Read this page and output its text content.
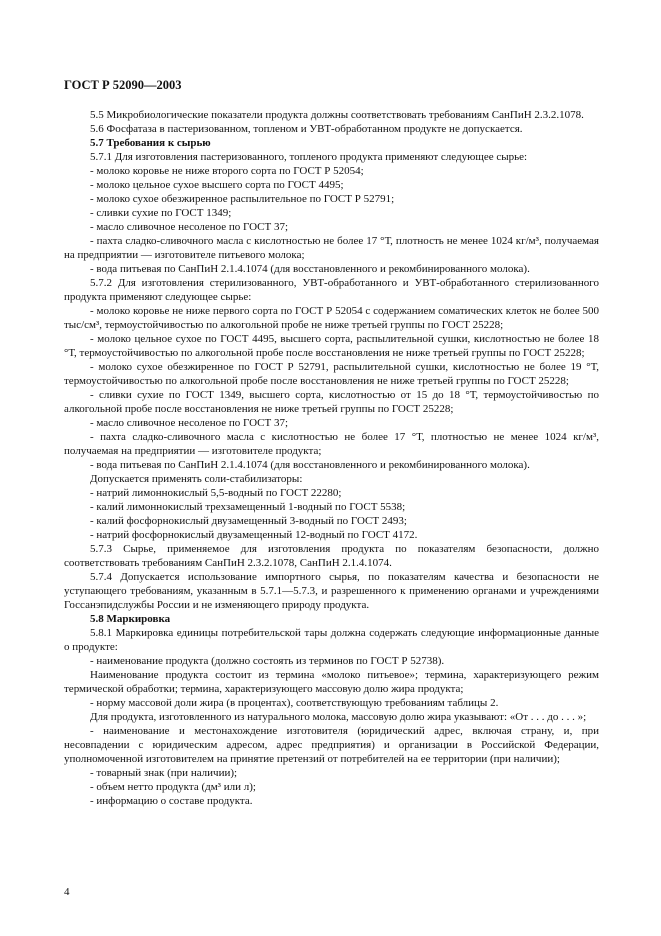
ГОСТ Р 52090—2003

5.5 Микробиологические показатели продукта должны соответствовать требованиям СанПиН 2.3.2.1078.

5.6 Фосфатаза в пастеризованном, топленом и УВТ-обработанном продукте не допускается.

5.7 Требования к сырью

5.7.1 Для изготовления пастеризованного, топленого продукта применяют следующее сырье:

- молоко коровье не ниже второго сорта по ГОСТ Р 52054;

- молоко цельное сухое высшего сорта по ГОСТ 4495;

- молоко сухое обезжиренное распылительное по ГОСТ Р 52791;

- сливки сухие по ГОСТ 1349;

- масло сливочное несоленое по ГОСТ 37;

- пахта сладко-сливочного масла с кислотностью не более 17 °Т, плотность не менее 1024 кг/м³, получаемая на предприятии — изготовителе питьевого молока;

- вода питьевая по СанПиН 2.1.4.1074 (для восстановленного и рекомбинированного молока).

5.7.2 Для изготовления стерилизованного, УВТ-обработанного и УВТ-обработанного стерилизованного продукта применяют следующее сырье:

- молоко коровье не ниже первого сорта по ГОСТ Р 52054 с содержанием соматических клеток не более 500 тыс/см³, термоустойчивостью по алкогольной пробе не ниже третьей группы по ГОСТ 25228;

- молоко цельное сухое по ГОСТ 4495, высшего сорта, распылительной сушки, кислотностью не более 18 °Т, термоустойчивостью по алкогольной пробе после восстановления не ниже третьей группы по ГОСТ 25228;

- молоко сухое обезжиренное по ГОСТ Р 52791, распылительной сушки, кислотностью не более 19 °Т, термоустойчивостью по алкогольной пробе после восстановления не ниже третьей группы по ГОСТ 25228;

- сливки сухие по ГОСТ 1349, высшего сорта, кислотностью от 15 до 18 °Т, термоустойчивостью по алкогольной пробе после восстановления не ниже третьей группы по ГОСТ 25228;

- масло сливочное несоленое по ГОСТ 37;

- пахта сладко-сливочного масла с кислотностью не более 17 °Т, плотностью не менее 1024 кг/м³, получаемая на предприятии — изготовителе продукта;

- вода питьевая по СанПиН 2.1.4.1074 (для восстановленного и рекомбинированного молока).

Допускается применять соли-стабилизаторы:

- натрий лимоннокислый 5,5-водный по ГОСТ 22280;

- калий лимоннокислый трехзамещенный 1-водный по ГОСТ 5538;

- калий фосфорнокислый двузамещенный 3-водный по ГОСТ 2493;

- натрий фосфорнокислый двузамещенный 12-водный по ГОСТ 4172.

5.7.3 Сырье, применяемое для изготовления продукта по показателям безопасности, должно соответствовать требованиям СанПиН 2.3.2.1078, СанПиН 2.1.4.1074.

5.7.4 Допускается использование импортного сырья, по показателям качества и безопасности не уступающего требованиям, указанным в 5.7.1—5.7.3, и разрешенного к применению органами и учреждениями Госсанэпидслужбы России и не изменяющего природу продукта.

5.8 Маркировка

5.8.1 Маркировка единицы потребительской тары должна содержать следующие информационные данные о продукте:

- наименование продукта (должно состоять из терминов по ГОСТ Р 52738).

Наименование продукта состоит из термина «молоко питьевое»; термина, характеризующего режим термической обработки; термина, характеризующего массовую долю жира продукта;

- норму массовой доли жира (в процентах), соответствующую требованиям таблицы 2.

Для продукта, изготовленного из натурального молока, массовую долю жира указывают: «От . . . до . . . »;

- наименование и местонахождение изготовителя (юридический адрес, включая страну, и, при несовпадении с юридическим адресом, адрес предприятия) и организации в Российской Федерации, уполномоченной изготовителем на принятие претензий от потребителей на ее территории (при наличии);

- товарный знак (при наличии);

- объем нетто продукта (дм³ или л);

- информацию о составе продукта.

4
